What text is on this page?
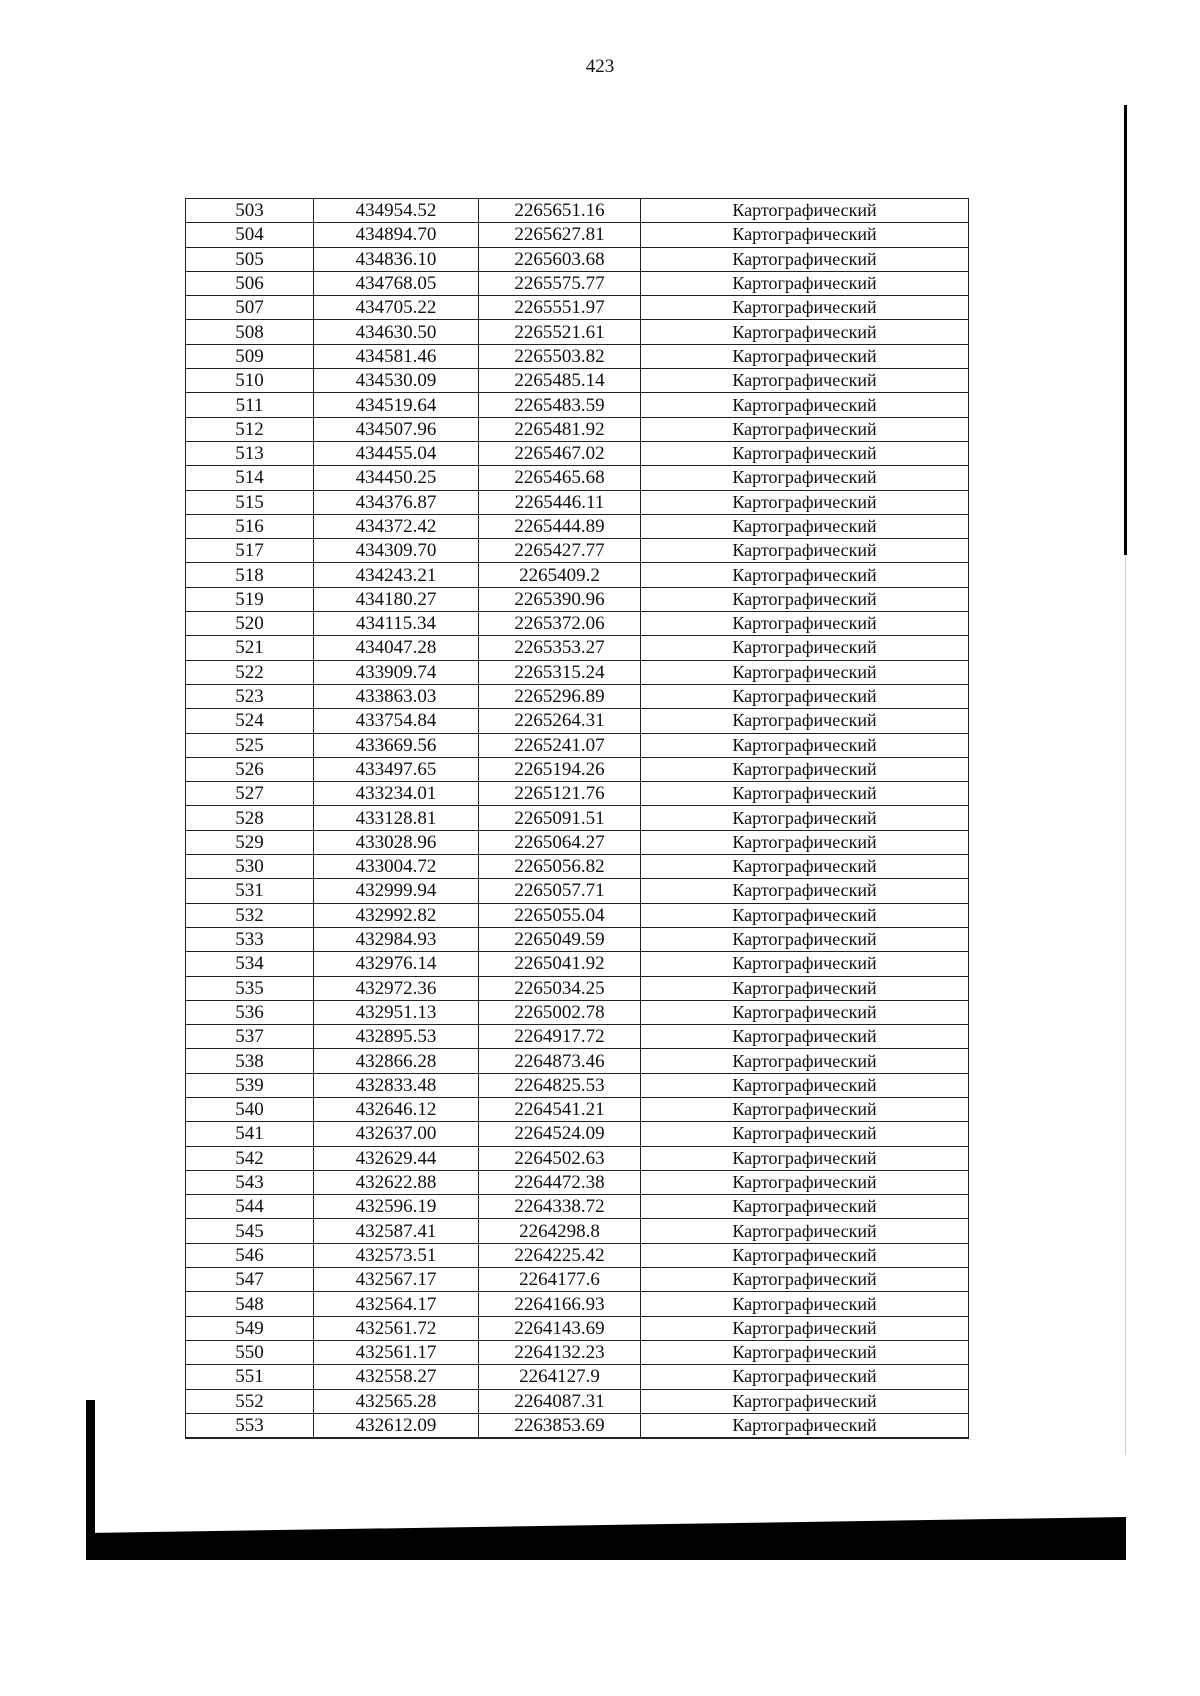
423
503	434954.52	2265651.16	Картографический
504	434894.70	2265627.81	Картографический
505	434836.10	2265603.68	Картографический
506	434768.05	2265575.77	Картографический
507	434705.22	2265551.97	Картографический
508	434630.50	2265521.61	Картографический
509	434581.46	2265503.82	Картографический
510	434530.09	2265485.14	Картографический
511	434519.64	2265483.59	Картографический
512	434507.96	2265481.92	Картографический
513	434455.04	2265467.02	Картографический
514	434450.25	2265465.68	Картографический
515	434376.87	2265446.11	Картографический
516	434372.42	2265444.89	Картографический
517	434309.70	2265427.77	Картографический
518	434243.21	2265409.2	Картографический
519	434180.27	2265390.96	Картографический
520	434115.34	2265372.06	Картографический
521	434047.28	2265353.27	Картографический
522	433909.74	2265315.24	Картографический
523	433863.03	2265296.89	Картографический
524	433754.84	2265264.31	Картографический
525	433669.56	2265241.07	Картографический
526	433497.65	2265194.26	Картографический
527	433234.01	2265121.76	Картографический
528	433128.81	2265091.51	Картографический
529	433028.96	2265064.27	Картографический
530	433004.72	2265056.82	Картографический
531	432999.94	2265057.71	Картографический
532	432992.82	2265055.04	Картографический
533	432984.93	2265049.59	Картографический
534	432976.14	2265041.92	Картографический
535	432972.36	2265034.25	Картографический
536	432951.13	2265002.78	Картографический
537	432895.53	2264917.72	Картографический
538	432866.28	2264873.46	Картографический
539	432833.48	2264825.53	Картографический
540	432646.12	2264541.21	Картографический
541	432637.00	2264524.09	Картографический
542	432629.44	2264502.63	Картографический
543	432622.88	2264472.38	Картографический
544	432596.19	2264338.72	Картографический
545	432587.41	2264298.8	Картографический
546	432573.51	2264225.42	Картографический
547	432567.17	2264177.6	Картографический
548	432564.17	2264166.93	Картографический
549	432561.72	2264143.69	Картографический
550	432561.17	2264132.23	Картографический
551	432558.27	2264127.9	Картографический
552	432565.28	2264087.31	Картографический
553	432612.09	2263853.69	Картографический
